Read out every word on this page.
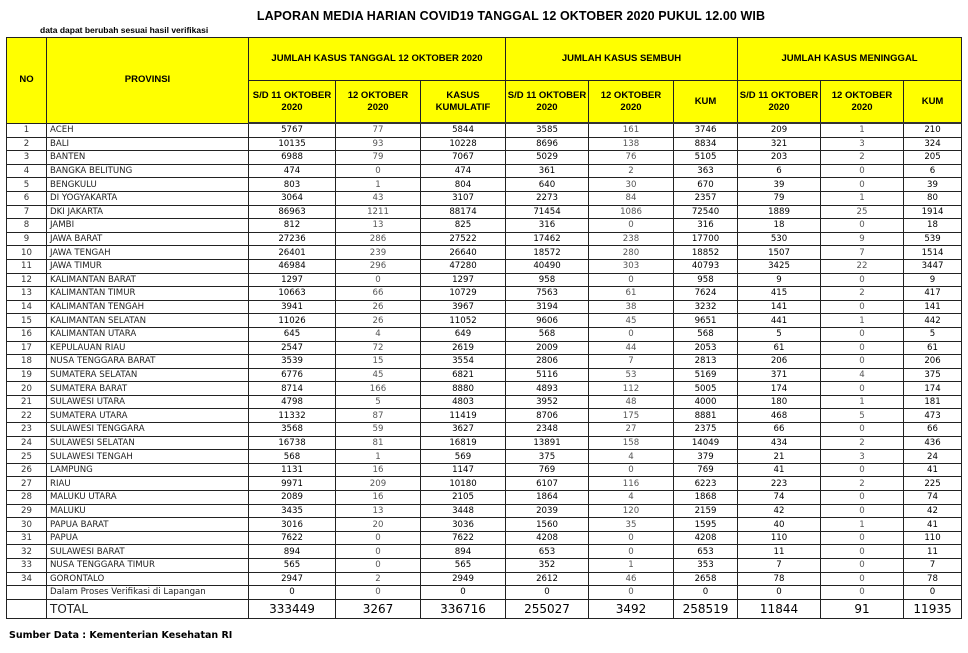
LAPORAN MEDIA HARIAN COVID19 TANGGAL 12 OKTOBER 2020 PUKUL 12.00 WIB
data dapat berubah sesuai hasil verifikasi
NO	PROVINSI	JUMLAH KASUS TANGGAL 12 OKTOBER 2020			JUMLAH KASUS SEMBUH			JUMLAH KASUS MENINGGAL		
		S/D 11 OKTOBER 2020	12 OKTOBER 2020	KASUS KUMULATIF	S/D 11 OKTOBER 2020	12 OKTOBER 2020	KUM	S/D 11 OKTOBER 2020	12 OKTOBER 2020	KUM
1	ACEH	5767	77	5844	3585	161	3746	209	1	210
2	BALI	10135	93	10228	8696	138	8834	321	3	324
3	BANTEN	6988	79	7067	5029	76	5105	203	2	205
4	BANGKA BELITUNG	474	0	474	361	2	363	6	0	6
5	BENGKULU	803	1	804	640	30	670	39	0	39
6	DI YOGYAKARTA	3064	43	3107	2273	84	2357	79	1	80
7	DKI JAKARTA	86963	1211	88174	71454	1086	72540	1889	25	1914
8	JAMBI	812	13	825	316	0	316	18	0	18
9	JAWA BARAT	27236	286	27522	17462	238	17700	530	9	539
10	JAWA TENGAH	26401	239	26640	18572	280	18852	1507	7	1514
11	JAWA TIMUR	46984	296	47280	40490	303	40793	3425	22	3447
12	KALIMANTAN BARAT	1297	0	1297	958	0	958	9	0	9
13	KALIMANTAN TIMUR	10663	66	10729	7563	61	7624	415	2	417
14	KALIMANTAN TENGAH	3941	26	3967	3194	38	3232	141	0	141
15	KALIMANTAN SELATAN	11026	26	11052	9606	45	9651	441	1	442
16	KALIMANTAN UTARA	645	4	649	568	0	568	5	0	5
17	KEPULAUAN RIAU	2547	72	2619	2009	44	2053	61	0	61
18	NUSA TENGGARA BARAT	3539	15	3554	2806	7	2813	206	0	206
19	SUMATERA SELATAN	6776	45	6821	5116	53	5169	371	4	375
20	SUMATERA BARAT	8714	166	8880	4893	112	5005	174	0	174
21	SULAWESI UTARA	4798	5	4803	3952	48	4000	180	1	181
22	SUMATERA UTARA	11332	87	11419	8706	175	8881	468	5	473
23	SULAWESI TENGGARA	3568	59	3627	2348	27	2375	66	0	66
24	SULAWESI SELATAN	16738	81	16819	13891	158	14049	434	2	436
25	SULAWESI TENGAH	568	1	569	375	4	379	21	3	24
26	LAMPUNG	1131	16	1147	769	0	769	41	0	41
27	RIAU	9971	209	10180	6107	116	6223	223	2	225
28	MALUKU UTARA	2089	16	2105	1864	4	1868	74	0	74
29	MALUKU	3435	13	3448	2039	120	2159	42	0	42
30	PAPUA BARAT	3016	20	3036	1560	35	1595	40	1	41
31	PAPUA	7622	0	7622	4208	0	4208	110	0	110
32	SULAWESI BARAT	894	0	894	653	0	653	11	0	11
33	NUSA TENGGARA TIMUR	565	0	565	352	1	353	7	0	7
34	GORONTALO	2947	2	2949	2612	46	2658	78	0	78
	Dalam Proses Verifikasi di Lapangan	0	0	0	0	0	0	0	0	0
	TOTAL	333449	3267	336716	255027	3492	258519	11844	91	11935
Sumber Data : Kementerian Kesehatan RI
